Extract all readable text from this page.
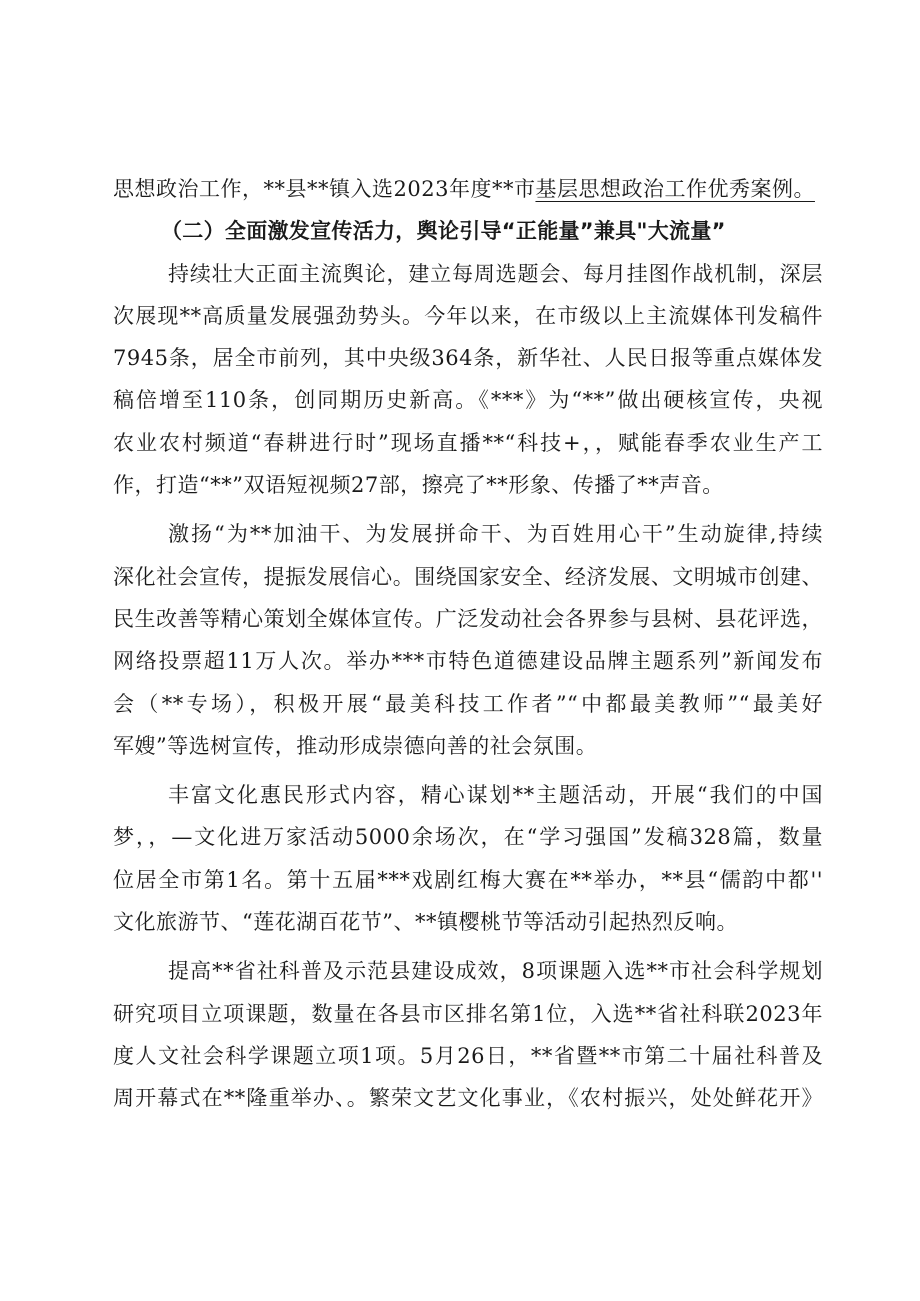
思想政治工作，**县**镇入选2023年度**市基层思想政治工作优秀案例。
（二）全面激发宣传活力，舆论引导“正能量”兼具"大流量”
持续壮大正面主流舆论，建立每周选题会、每月挂图作战机制，深层
次展现**高质量发展强劲势头。今年以来，在市级以上主流媒体刊发稿件
7945条，居全市前列，其中央级364条，新华社、人民日报等重点媒体发
稿倍增至110条，创同期历史新高。《***》为“**”做出硬核宣传，央视
农业农村频道“春耕进行时”现场直播**“科技+，，赋能春季农业生产工
作，打造“**”双语短视频27部，擦亮了**形象、传播了**声音。
激扬“为**加油干、为发展拼命干、为百姓用心干”生动旋律,持续
深化社会宣传，提振发展信心。围绕国家安全、经济发展、文明城市创建、
民生改善等精心策划全媒体宣传。广泛发动社会各界参与县树、县花评选，
网络投票超11万人次。举办***市特色道德建设品牌主题系列”新闻发布
会（**专场），积极开展“最美科技工作者”“中都最美教师”“最美好
军嫂”等选树宣传，推动形成崇德向善的社会氛围。
丰富文化惠民形式内容，精心谋划**主题活动，开展“我们的中国
梦，，—文化进万家活动5000余场次，在“学习强国”发稿328篇，数量
位居全市第1名。第十五届***戏剧红梅大赛在**举办，**县“儒韵中都''
文化旅游节、“莲花湖百花节”、**镇樱桃节等活动引起热烈反响。
提高**省社科普及示范县建设成效，8项课题入选**市社会科学规划
研究项目立项课题，数量在各县市区排名第1位，入选**省社科联2023年
度人文社会科学课题立项1项。5月26日，**省暨**市第二十届社科普及
周开幕式在**隆重举办、。繁荣文艺文化事业，《农村振兴，处处鲜花开》
